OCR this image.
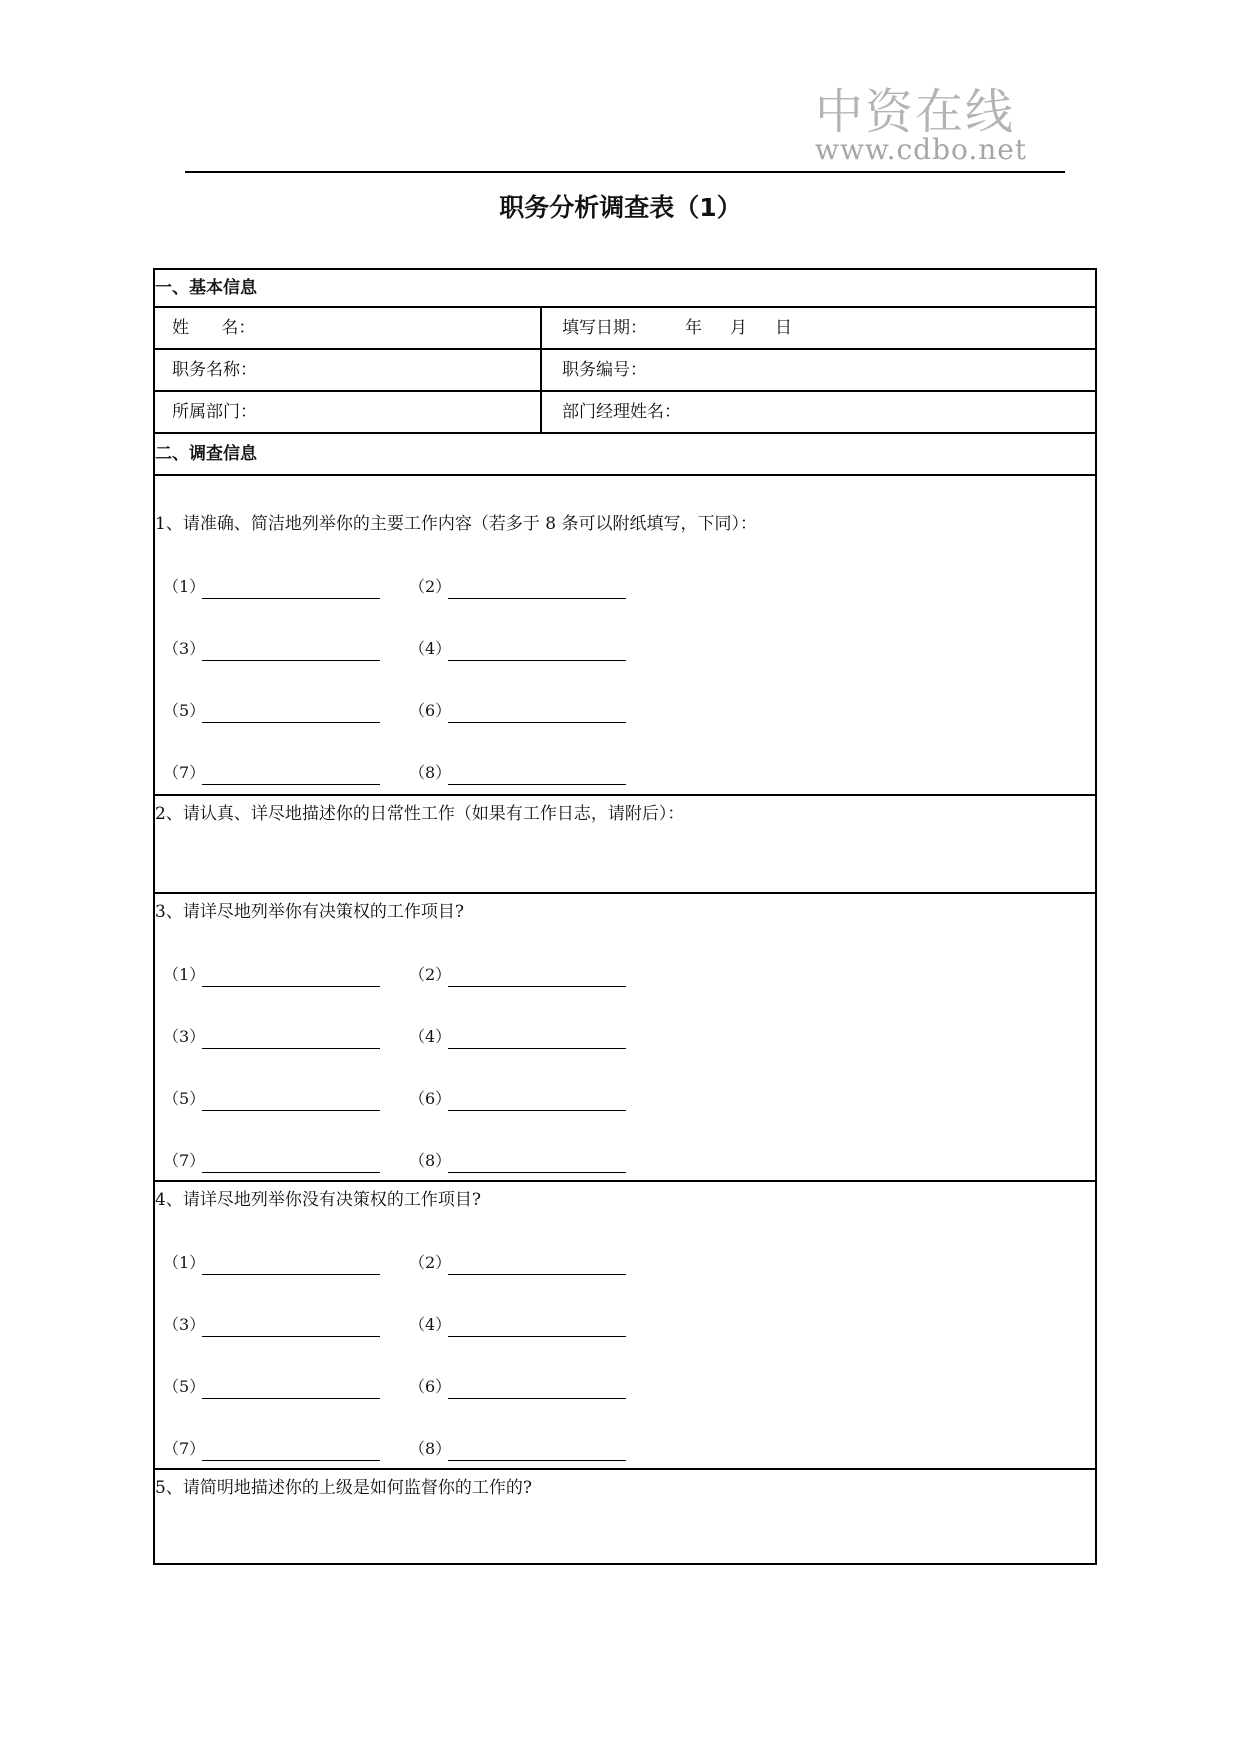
中资在线
www.cdbo.net
职务分析调查表（1）
一、基本信息
姓      名：	填写日期： 年 月 日
职务名称：	职务编号：
所属部门：	部门经理姓名：
二、调查信息
1、请准确、简洁地列举你的主要工作内容（若多于 8 条可以附纸填写，下同）：
（1）	（2）
（3）	（4）
（5）	（6）
（7）	（8）
2、请认真、详尽地描述你的日常性工作（如果有工作日志，请附后）：
3、请详尽地列举你有决策权的工作项目?
（1）	（2）
（3）	（4）
（5）	（6）
（7）	（8）
4、请详尽地列举你没有决策权的工作项目?
（1）	（2）
（3）	（4）
（5）	（6）
（7）	（8）
5、请简明地描述你的上级是如何监督你的工作的?
